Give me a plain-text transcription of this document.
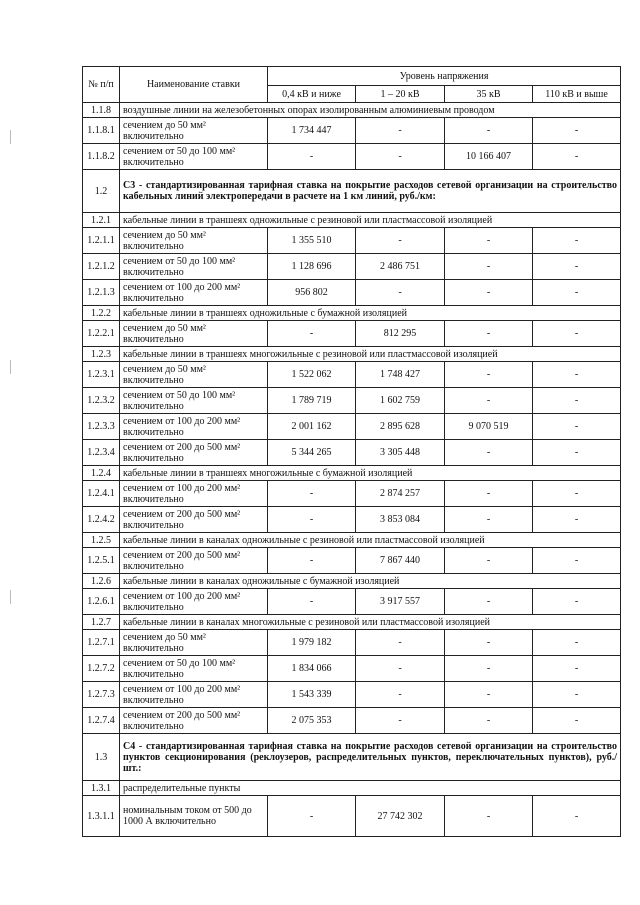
№ п/п	Наименование ставки	Уровень напряжения			
		0,4 кВ и ниже	1 – 20 кВ	35 кВ	110 кВ и выше
1.1.8	воздушные линии на железобетонных опорах изолированным алюминиевым проводом				
1.1.8.1	сечением до 50 мм² включительно	1 734 447	-	-	-
1.1.8.2	сечением от 50 до 100 мм² включительно	-	-	10 166 407	-
1.2	С3 - стандартизированная тарифная ставка на покрытие расходов сетевой организации на строительство кабельных линий электропередачи в расчете на 1 км линий, руб./км:				
1.2.1	кабельные линии в траншеях одножильные с резиновой или пластмассовой изоляцией				
1.2.1.1	сечением до 50 мм² включительно	1 355 510	-	-	-
1.2.1.2	сечением от 50 до 100 мм² включительно	1 128 696	2 486 751	-	-
1.2.1.3	сечением от 100 до 200 мм² включительно	956 802	-	-	-
1.2.2	кабельные линии в траншеях одножильные с бумажной изоляцией				
1.2.2.1	сечением до 50 мм² включительно	-	812 295	-	-
1.2.3	кабельные линии в траншеях многожильные с резиновой или пластмассовой изоляцией				
1.2.3.1	сечением до 50 мм² включительно	1 522 062	1 748 427	-	-
1.2.3.2	сечением от 50 до 100 мм² включительно	1 789 719	1 602 759	-	-
1.2.3.3	сечением от 100 до 200 мм² включительно	2 001 162	2 895 628	9 070 519	-
1.2.3.4	сечением от 200 до 500 мм² включительно	5 344 265	3 305 448	-	-
1.2.4	кабельные линии в траншеях многожильные с бумажной изоляцией				
1.2.4.1	сечением от 100 до 200 мм² включительно	-	2 874 257	-	-
1.2.4.2	сечением от 200 до 500 мм² включительно	-	3 853 084	-	-
1.2.5	кабельные линии в каналах одножильные с резиновой или пластмассовой изоляцией				
1.2.5.1	сечением от 200 до 500 мм² включительно	-	7 867 440	-	-
1.2.6	кабельные линии в каналах одножильные с бумажной изоляцией				
1.2.6.1	сечением от 100 до 200 мм² включительно	-	3 917 557	-	-
1.2.7	кабельные линии в каналах многожильные с резиновой или пластмассовой изоляцией				
1.2.7.1	сечением до 50 мм² включительно	1 979 182	-	-	-
1.2.7.2	сечением от 50 до 100 мм² включительно	1 834 066	-	-	-
1.2.7.3	сечением от 100 до 200 мм² включительно	1 543 339	-	-	-
1.2.7.4	сечением от 200 до 500 мм² включительно	2 075 353	-	-	-
1.3	С4 - стандартизированная тарифная ставка на покрытие расходов сетевой организации на строительство пунктов секционирования (реклоузеров, распределительных пунктов, переключательных пунктов), руб./шт.:				
1.3.1	распределительные пункты				
1.3.1.1	номинальным током от 500 до 1000 А включительно	-	27 742 302	-	-
